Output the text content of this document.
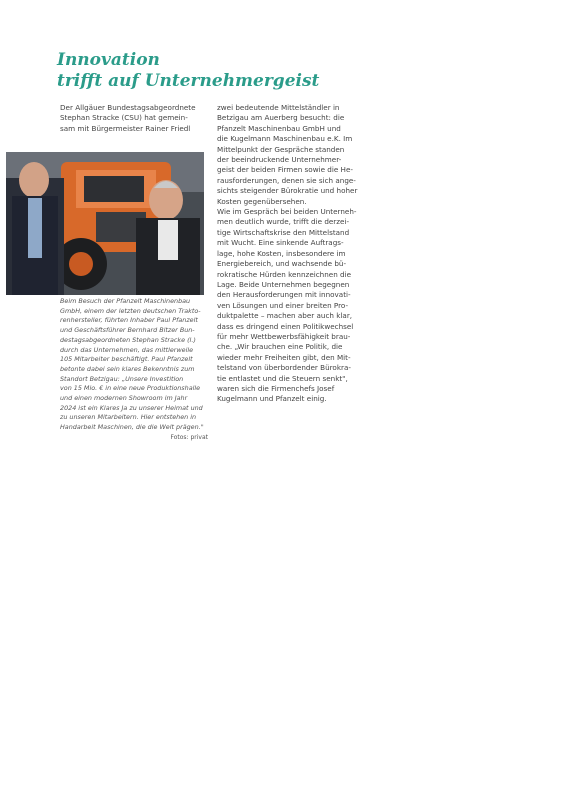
Innovation
trifft auf Unternehmergeist
Der Allgäuer Bundestagsabgeordnete
Stephan Stracke (CSU) hat gemein-
sam mit Bürgermeister Rainer Friedl
Beim Besuch der Pfanzelt Maschinenbau
GmbH, einem der letzten deutschen Trakto-
renhersteller, führten Inhaber Paul Pfanzelt
und Geschäftsführer Bernhard Bitzer Bun-
destagsabgeordneten Stephan Stracke (l.)
durch das Unternehmen, das mittlerweile
105 Mitarbeiter beschäftigt. Paul Pfanzelt
betonte dabei sein klares Bekenntnis zum
Standort Betzigau: „Unsere Investition
von 15 Mio. € in eine neue Produktionshalle
und einen modernen Showroom im Jahr
2024 ist ein Klares Ja zu unserer Heimat und
zu unseren Mitarbeitern. Hier entstehen in
Handarbeit Maschinen, die die Welt prägen."
Fotos: privat
zwei bedeutende Mittelständler in
Betzigau am Auerberg besucht: die
Pfanzelt Maschinenbau GmbH und
die Kugelmann Maschinenbau e.K. Im
Mittelpunkt der Gespräche standen
der beeindruckende Unternehmer-
geist der beiden Firmen sowie die He-
rausforderungen, denen sie sich ange-
sichts steigender Bürokratie und hoher
Kosten gegenübersehen.
Wie im Gespräch bei beiden Unterneh-
men deutlich wurde, trifft die derzei-
tige Wirtschaftskrise den Mittelstand
mit Wucht. Eine sinkende Auftrags-
lage, hohe Kosten, insbesondere im
Energiebereich, und wachsende bü-
rokratische Hürden kennzeichnen die
Lage. Beide Unternehmen begegnen
den Herausforderungen mit innovati-
ven Lösungen und einer breiten Pro-
duktpalette – machen aber auch klar,
dass es dringend einen Politikwechsel
für mehr Wettbewerbsfähigkeit brau-
che. „Wir brauchen eine Politik, die
wieder mehr Freiheiten gibt, den Mit-
telstand von überbordender Bürokra-
tie entlastet und die Steuern senkt",
waren sich die Firmenchefs Josef
Kugelmann und Pfanzelt einig.
